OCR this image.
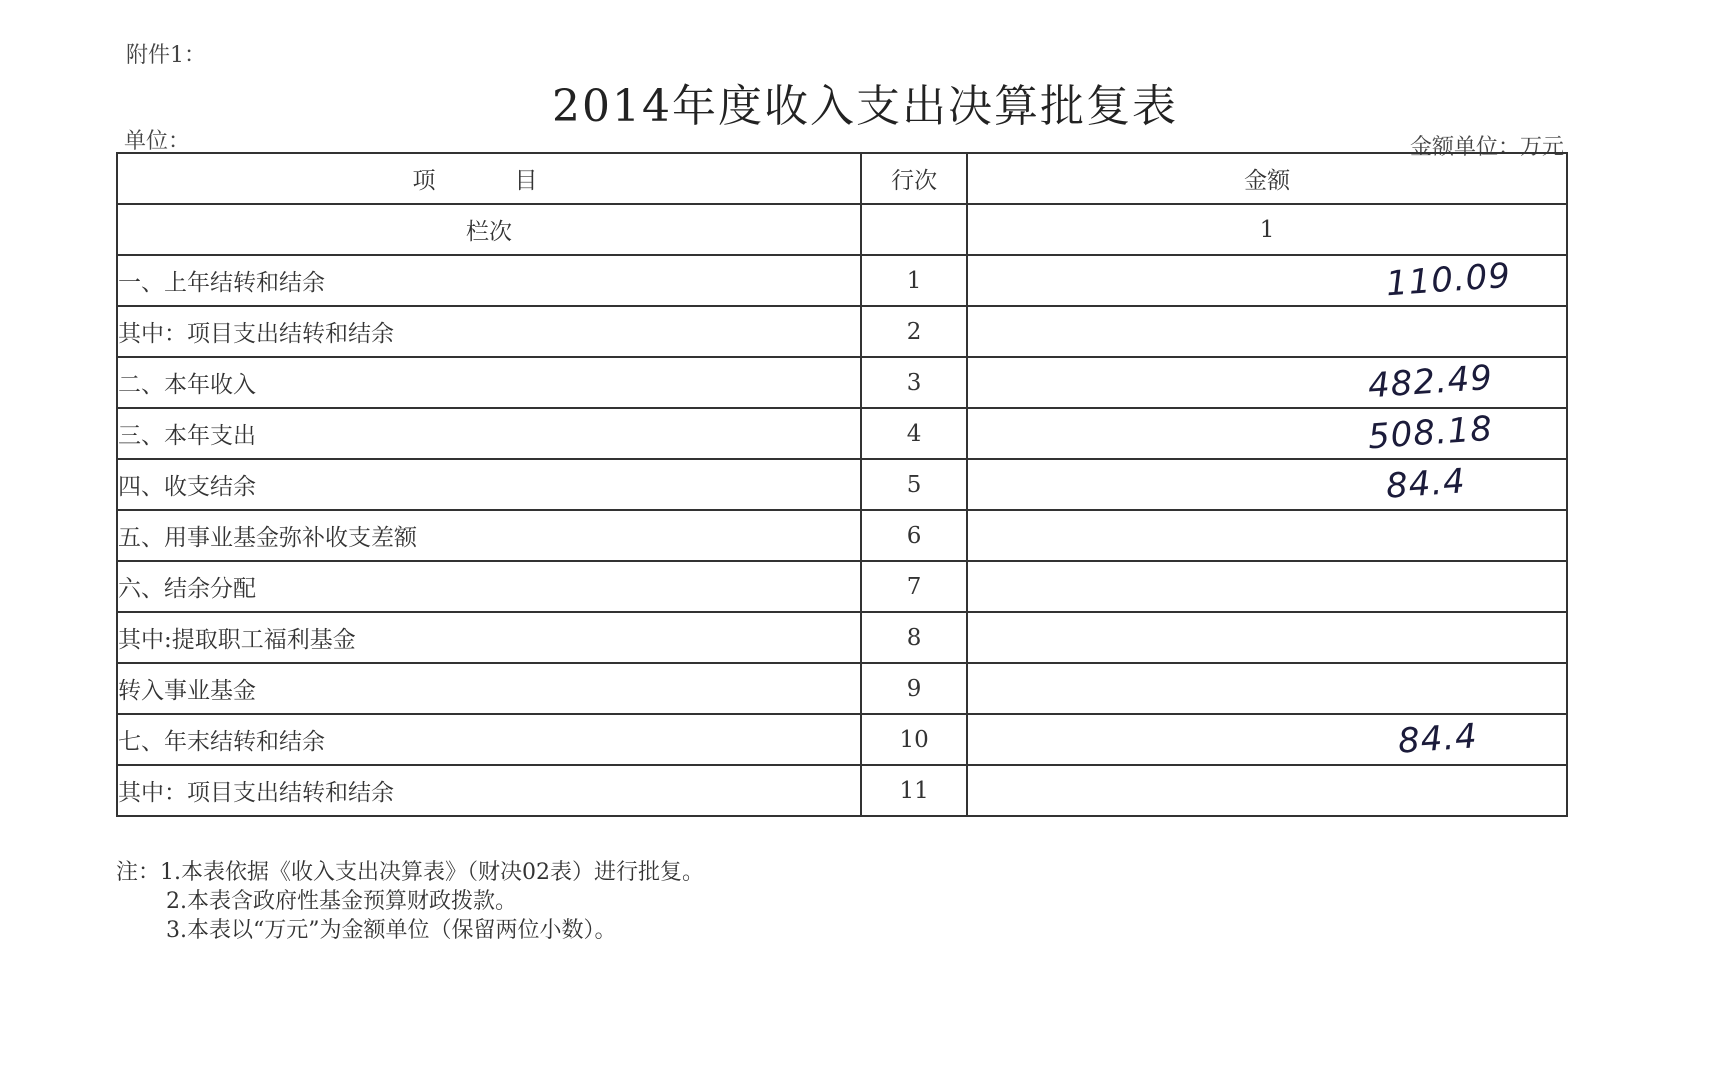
附件1：
2014年度收入支出决算批复表
单位：	金额单位：万元
项　目	行次	金额
栏次		1
一、上年结转和结余	1	110.09

其中：项目支出结转和结余	2	

二、本年收入	3	482.49

三、本年支出	4	508.18

四、收支结余	5	84.4

五、用事业基金弥补收支差额	6	

六、结余分配	7	

其中:提取职工福利基金	8	

转入事业基金	9	

七、年末结转和结余	10	84.4

其中：项目支出结转和结余	11	
注：1.本表依据《收入支出决算表》（财决02表）进行批复。
2.本表含政府性基金预算财政拨款。
3.本表以“万元”为金额单位（保留两位小数）。
